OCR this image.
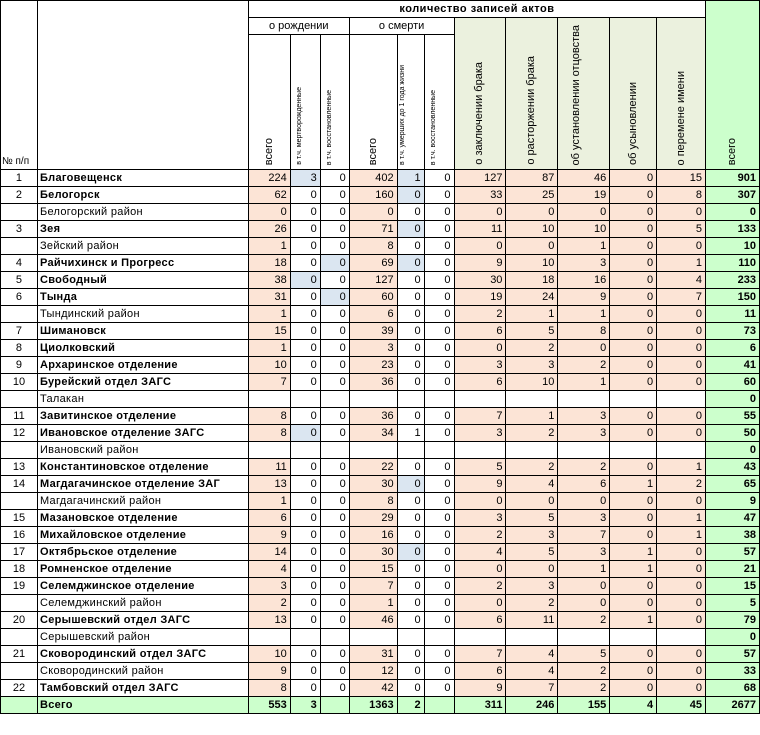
№ п/п		количество записей актов											всего
		о рождении			о смерти			о заключении брака	о расторжении брака	об установлении отцовства	об усыновлении	о перемене имени	
		всего	в т.ч. мертворожденные	в т.ч. восстановленные	всего	в т.ч. умерших до 1 года жизни	в т.ч. восстановленные						
1	Благовещенск	224	3	0	402	1	0	127	87	46	0	15	901
2	Белогорск	62	0	0	160	0	0	33	25	19	0	8	307
	Белогорский район	0	0	0	0	0	0	0	0	0	0	0	0
3	Зея	26	0	0	71	0	0	11	10	10	0	5	133
	Зейский район	1	0	0	8	0	0	0	0	1	0	0	10
4	Райчихинск и Прогресс	18	0	0	69	0	0	9	10	3	0	1	110
5	Свободный	38	0	0	127	0	0	30	18	16	0	4	233
6	Тында	31	0	0	60	0	0	19	24	9	0	7	150
	Тындинский район	1	0	0	6	0	0	2	1	1	0	0	11
7	Шимановск	15	0	0	39	0	0	6	5	8	0	0	73
8	Циолковский	1	0	0	3	0	0	0	2	0	0	0	6
9	Архаринское отделение	10	0	0	23	0	0	3	3	2	0	0	41
10	Бурейский отдел ЗАГС	7	0	0	36	0	0	6	10	1	0	0	60
	Талакан												0
11	Завитинское отделение	8	0	0	36	0	0	7	1	3	0	0	55
12	Ивановское отделение ЗАГС	8	0	0	34	1	0	3	2	3	0	0	50
	Ивановский район												0
13	Константиновское отделение	11	0	0	22	0	0	5	2	2	0	1	43
14	Магдагачинское отделение ЗАГ	13	0	0	30	0	0	9	4	6	1	2	65
	Магдагачинский район	1	0	0	8	0	0	0	0	0	0	0	9
15	Мазановское отделение	6	0	0	29	0	0	3	5	3	0	1	47
16	Михайловское отделение	9	0	0	16	0	0	2	3	7	0	1	38
17	Октябрьское отделение	14	0	0	30	0	0	4	5	3	1	0	57
18	Ромненское отделение	4	0	0	15	0	0	0	0	1	1	0	21
19	Селемджинское отделение	3	0	0	7	0	0	2	3	0	0	0	15
	Селемджинский район	2	0	0	1	0	0	0	2	0	0	0	5
20	Серышевский отдел ЗАГС	13	0	0	46	0	0	6	11	2	1	0	79
	Серышевский район												0
21	Сковородинский отдел ЗАГС	10	0	0	31	0	0	7	4	5	0	0	57
	Сковородинский район	9	0	0	12	0	0	6	4	2	0	0	33
22	Тамбовский отдел ЗАГС	8	0	0	42	0	0	9	7	2	0	0	68
	Всего	553	3		1363	2		311	246	155	4	45	2677
